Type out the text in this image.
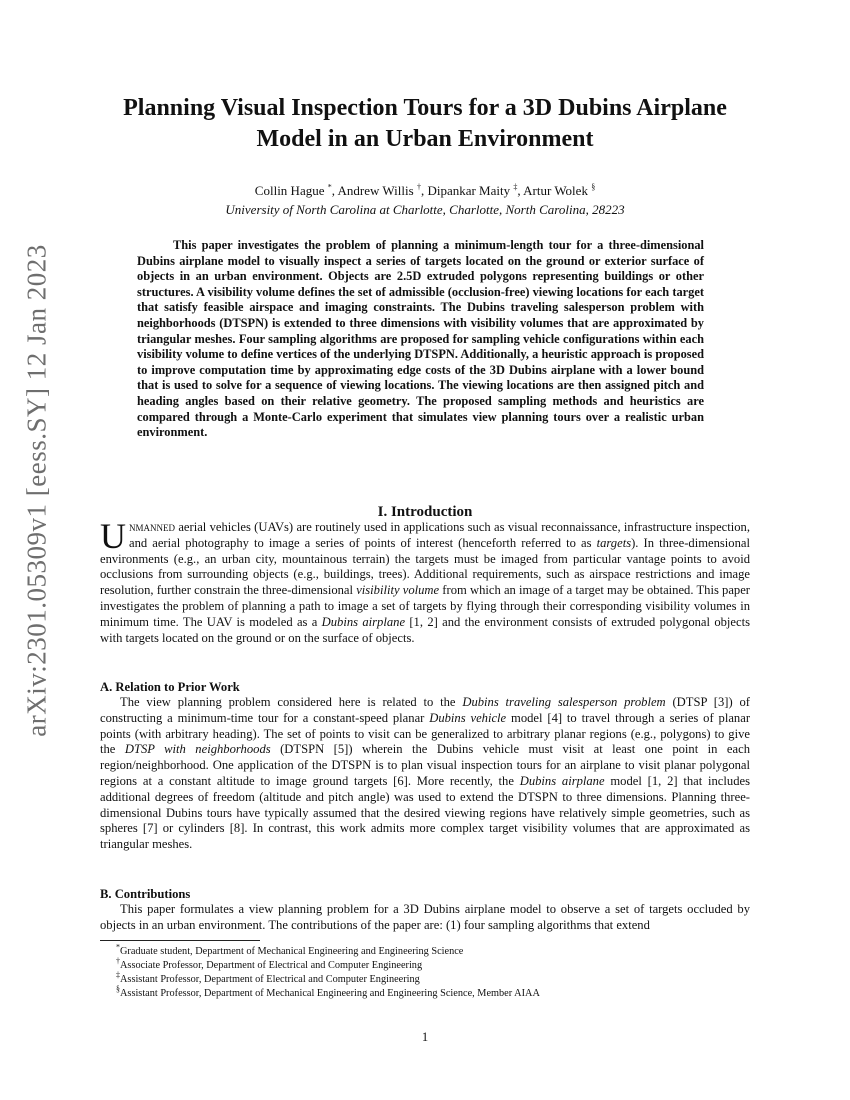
arXiv:2301.05309v1 [eess.SY] 12 Jan 2023
Planning Visual Inspection Tours for a 3D Dubins Airplane
Model in an Urban Environment
Collin Hague *, Andrew Willis †, Dipankar Maity ‡, Artur Wolek §
University of North Carolina at Charlotte, Charlotte, North Carolina, 28223
This paper investigates the problem of planning a minimum-length tour for a three-dimensional Dubins airplane model to visually inspect a series of targets located on the ground or exterior surface of objects in an urban environment. Objects are 2.5D extruded polygons representing buildings or other structures. A visibility volume defines the set of admissible (occlusion-free) viewing locations for each target that satisfy feasible airspace and imaging constraints. The Dubins traveling salesperson problem with neighborhoods (DTSPN) is extended to three dimensions with visibility volumes that are approximated by triangular meshes. Four sampling algorithms are proposed for sampling vehicle configurations within each visibility volume to define vertices of the underlying DTSPN. Additionally, a heuristic approach is proposed to improve computation time by approximating edge costs of the 3D Dubins airplane with a lower bound that is used to solve for a sequence of viewing locations. The viewing locations are then assigned pitch and heading angles based on their relative geometry. The proposed sampling methods and heuristics are compared through a Monte-Carlo experiment that simulates view planning tours over a realistic urban environment.
I. Introduction
Unmanned aerial vehicles (UAVs) are routinely used in applications such as visual reconnaissance, infrastructure inspection, and aerial photography to image a series of points of interest (henceforth referred to as targets). In three-dimensional environments (e.g., an urban city, mountainous terrain) the targets must be imaged from particular vantage points to avoid occlusions from surrounding objects (e.g., buildings, trees). Additional requirements, such as airspace restrictions and image resolution, further constrain the three-dimensional visibility volume from which an image of a target may be obtained. This paper investigates the problem of planning a path to image a set of targets by flying through their corresponding visibility volumes in minimum time. The UAV is modeled as a Dubins airplane [1, 2] and the environment consists of extruded polygonal objects with targets located on the ground or on the surface of objects.
A. Relation to Prior Work
The view planning problem considered here is related to the Dubins traveling salesperson problem (DTSP [3]) of constructing a minimum-time tour for a constant-speed planar Dubins vehicle model [4] to travel through a series of planar points (with arbitrary heading). The set of points to visit can be generalized to arbitrary planar regions (e.g., polygons) to give the DTSP with neighborhoods (DTSPN [5]) wherein the Dubins vehicle must visit at least one point in each region/neighborhood. One application of the DTSPN is to plan visual inspection tours for an airplane to visit planar polygonal regions at a constant altitude to image ground targets [6]. More recently, the Dubins airplane model [1, 2] that includes additional degrees of freedom (altitude and pitch angle) was used to extend the DTSPN to three dimensions. Planning three-dimensional Dubins tours have typically assumed that the desired viewing regions have relatively simple geometries, such as spheres [7] or cylinders [8]. In contrast, this work admits more complex target visibility volumes that are approximated as triangular meshes.
B. Contributions
This paper formulates a view planning problem for a 3D Dubins airplane model to observe a set of targets occluded by objects in an urban environment. The contributions of the paper are: (1) four sampling algorithms that extend
*Graduate student, Department of Mechanical Engineering and Engineering Science
†Associate Professor, Department of Electrical and Computer Engineering
‡Assistant Professor, Department of Electrical and Computer Engineering
§Assistant Professor, Department of Mechanical Engineering and Engineering Science, Member AIAA
1
